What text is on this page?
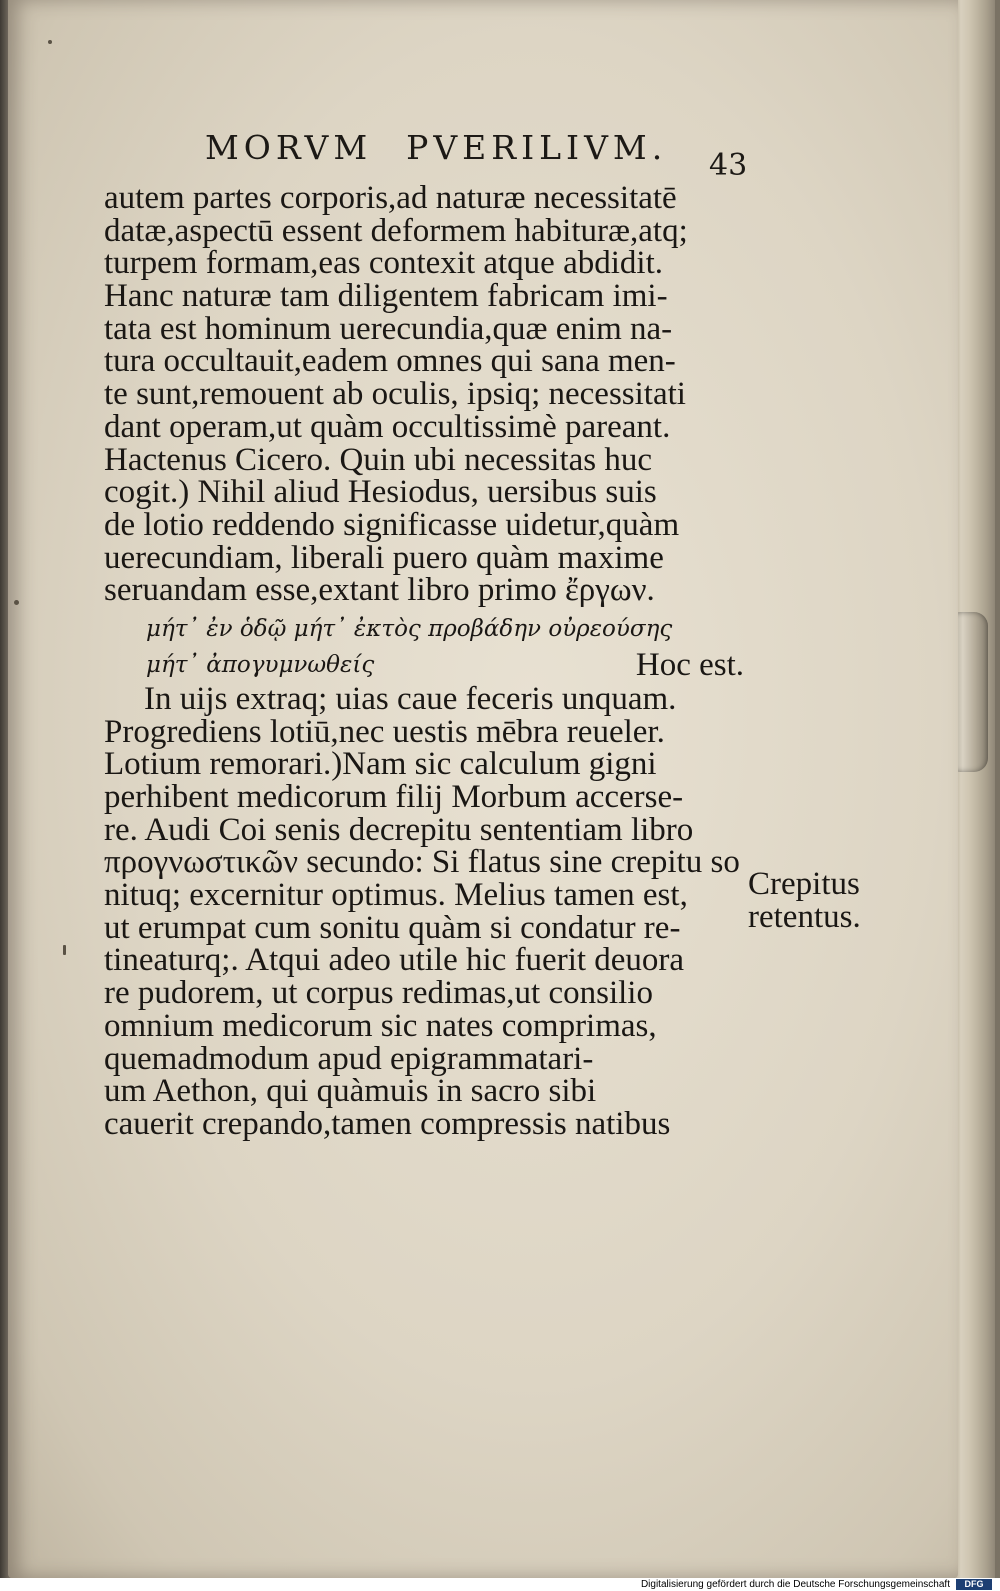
MORVM PVERILIVM. 43
autem partes corporis,ad naturæ necessitatē
datæ,aspectū essent deformem habituræ,atq;
turpem formam,eas contexit atque abdidit.
Hanc naturæ tam diligentem fabricam imi-
tata est hominum uerecundia,quæ enim na-
tura occultauit,eadem omnes qui sana men-
te sunt,remouent ab oculis, ipsiq; necessitati
dant operam,ut quàm occultissimè pareant.
Hactenus Cicero. Quin ubi necessitas huc
cogit.) Nihil aliud Hesiodus, uersibus suis
de lotio reddendo significasse uidetur,quàm
uerecundiam, liberali puero quàm maxime
seruandam esse,extant libro primo ἔργων.
μήτ᾽ ἐν ὁδῷ μήτ᾽ ἐκτὸς προβάδην οὐρεούσης
μήτ᾽ ἀπογυμνωθείς	Hoc est.
In uijs extraq; uias caue feceris unquam.
Progrediens lotiū,nec uestis mēbra reueler.
Lotium remorari.)Nam sic calculum gigni
perhibent medicorum filij Morbum accerse-
re. Audi Coi senis decrepitu sententiam libro
προγνωστικῶν secundo: Si flatus sine crepitu so
nituq; excernitur optimus. Melius tamen est,
ut erumpat cum sonitu quàm si condatur re-
tineaturq;. Atqui adeo utile hic fuerit deuora
re pudorem, ut corpus redimas,ut consilio
omnium medicorum sic nates comprimas,
quemadmodum apud epigrammatari-
um Aethon, qui quàmuis in sacro sibi
cauerit crepando,tamen compressis natibus
Crepitus
retentus.
Digitalisierung gefördert durch die Deutsche Forschungsgemeinschaft	DFG
